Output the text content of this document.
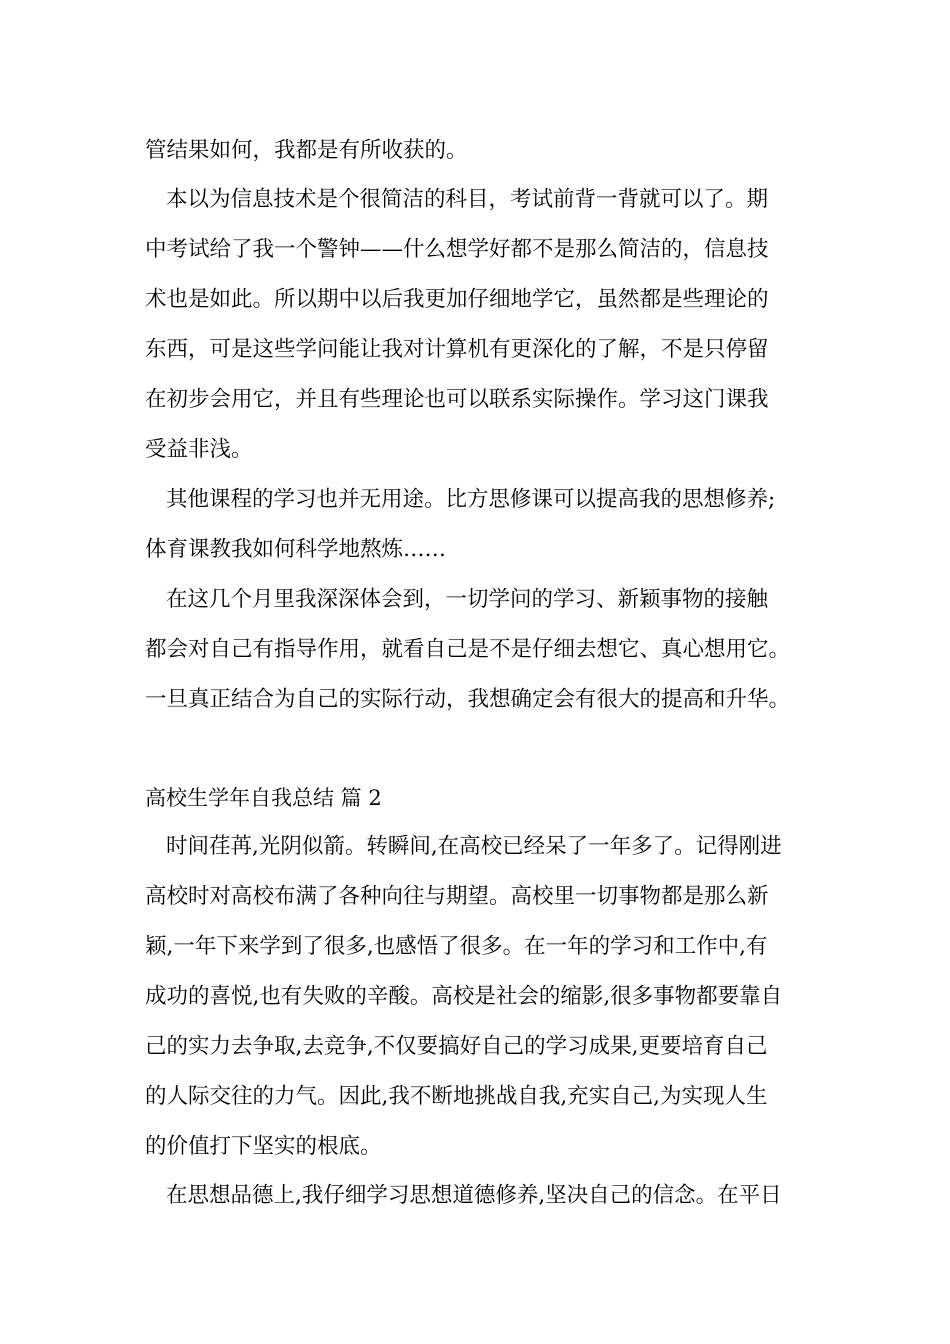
管结果如何，我都是有所收获的。
本以为信息技术是个很简洁的科目，考试前背一背就可以了。期
中考试给了我一个警钟——什么想学好都不是那么简洁的，信息技
术也是如此。所以期中以后我更加仔细地学它，虽然都是些理论的
东西，可是这些学问能让我对计算机有更深化的了解，不是只停留
在初步会用它，并且有些理论也可以联系实际操作。学习这门课我
受益非浅。
其他课程的学习也并无用途。比方思修课可以提高我的思想修养;
体育课教我如何科学地熬炼……
在这几个月里我深深体会到，一切学问的学习、新颖事物的接触
都会对自己有指导作用，就看自己是不是仔细去想它、真心想用它。
一旦真正结合为自己的实际行动，我想确定会有很大的提高和升华。
高校生学年自我总结 篇 2
时间荏苒,光阴似箭。转瞬间,在高校已经呆了一年多了。记得刚进
高校时对高校布满了各种向往与期望。高校里一切事物都是那么新
颖,一年下来学到了很多,也感悟了很多。在一年的学习和工作中,有
成功的喜悦,也有失败的辛酸。高校是社会的缩影,很多事物都要靠自
己的实力去争取,去竞争,不仅要搞好自己的学习成果,更要培育自己
的人际交往的力气。因此,我不断地挑战自我,充实自己,为实现人生
的价值打下坚实的根底。
在思想品德上,我仔细学习思想道德修养,坚决自己的信念。在平日
